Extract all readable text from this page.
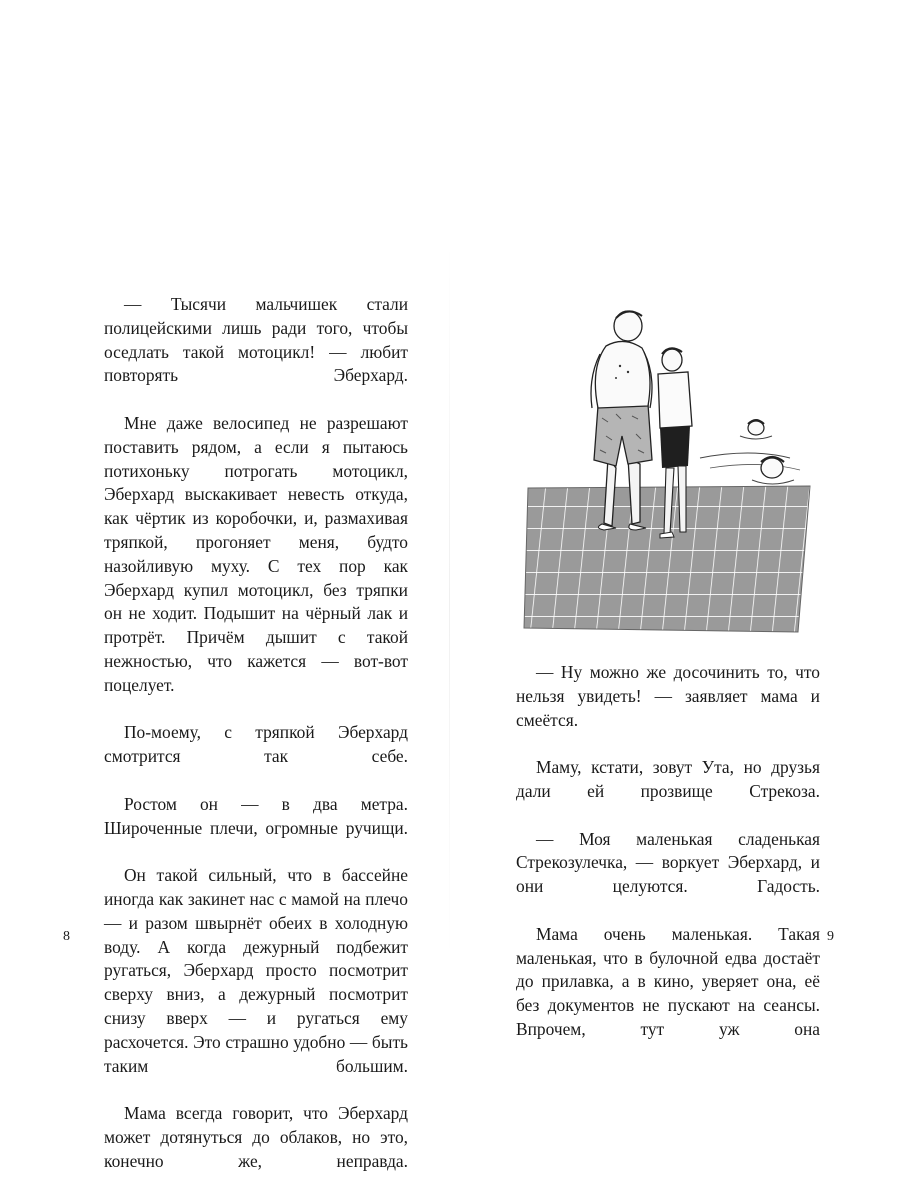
— Тысячи мальчишек стали полицейскими лишь ради того, чтобы оседлать такой мотоцикл! — любит повторять Эберхард.

Мне даже велосипед не разрешают поставить рядом, а если я пытаюсь потихоньку потрогать мотоцикл, Эберхард выскакивает невесть откуда, как чёртик из коробочки, и, размахивая тряпкой, прогоняет меня, будто назойливую муху. С тех пор как Эберхард купил мотоцикл, без тряпки он не ходит. Подышит на чёрный лак и протрёт. Причём дышит с такой нежностью, что кажется — вот-вот поцелует.

По-моему, с тряпкой Эберхард смотрится так себе.

Ростом он — в два метра. Широченные плечи, огромные ручищи.

Он такой сильный, что в бассейне иногда как закинет нас с мамой на плечо — и разом швырнёт обеих в холодную воду. А когда дежурный подбежит ругаться, Эберхард просто посмотрит сверху вниз, а дежурный посмотрит снизу вверх — и ругаться ему расхочется. Это страшно удобно — быть таким большим.

Мама всегда говорит, что Эберхард может дотянуться до облаков, но это, конечно же, неправда.

8

— Ну можно же досочинить то, что нельзя увидеть! — заявляет мама и смеётся.

Маму, кстати, зовут Ута, но друзья дали ей прозвище Стрекоза.

— Моя маленькая сладенькая Стрекозулечка, — воркует Эберхард, и они целуются. Гадость.

Мама очень маленькая. Такая маленькая, что в булочной едва достаёт до прилавка, а в кино, уверяет она, её без документов не пускают на сеансы. Впрочем, тут уж она

9
